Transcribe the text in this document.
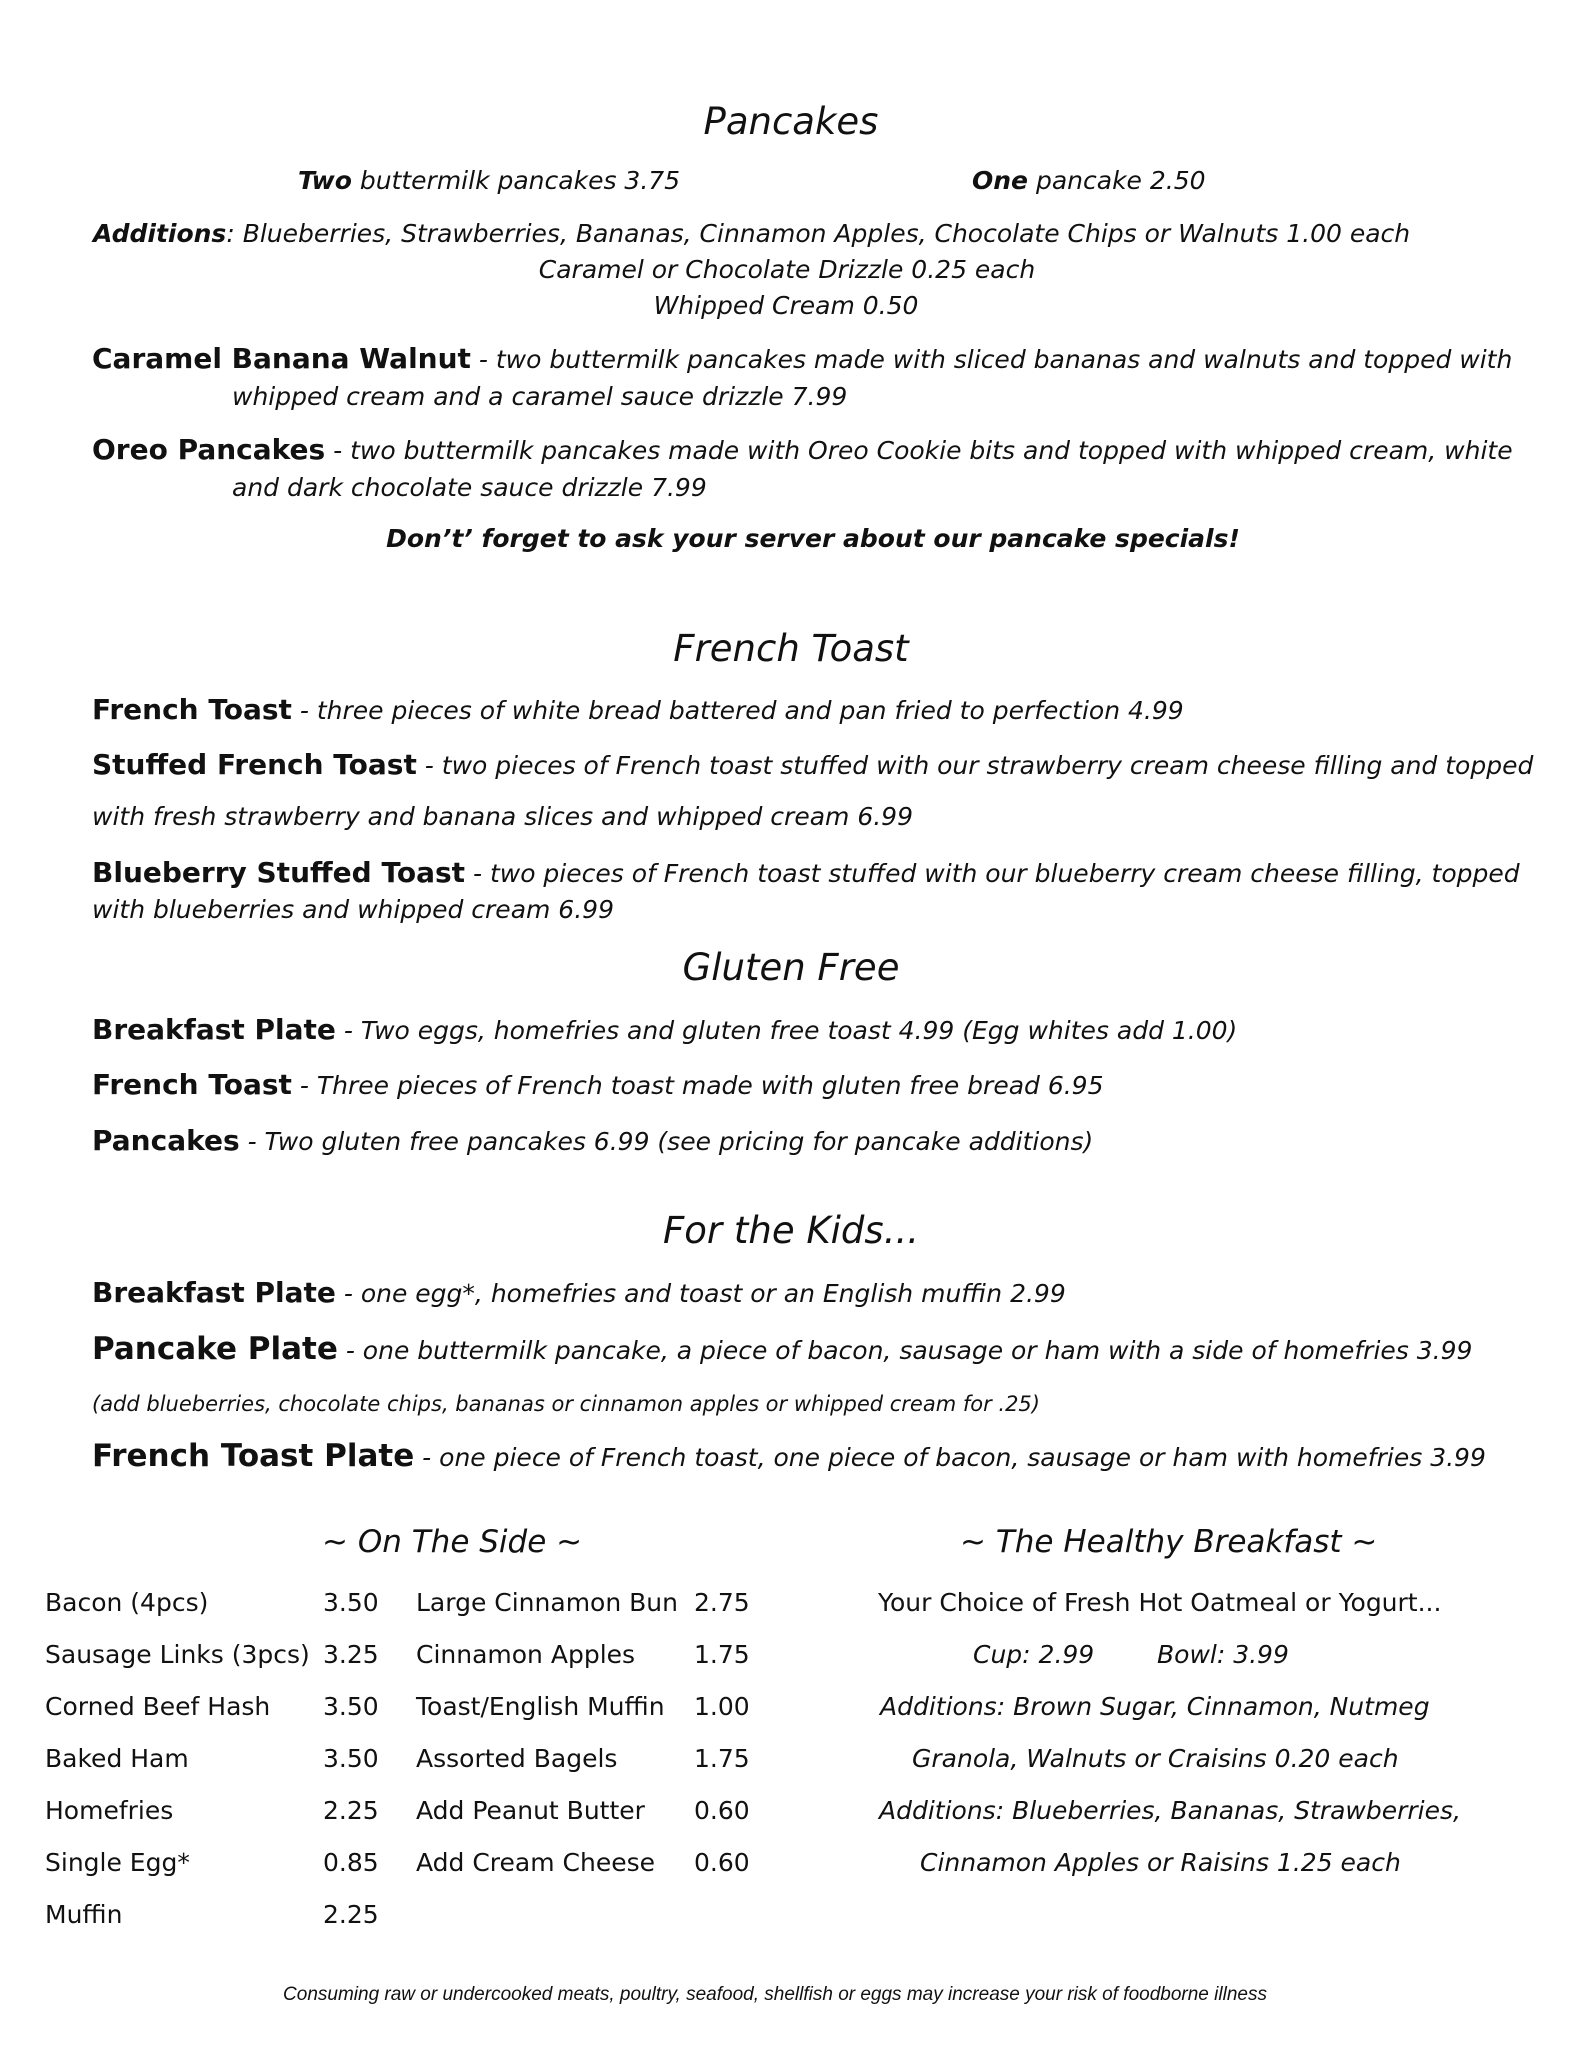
Pancakes
Two buttermilk pancakes 3.75	One pancake 2.50
Additions: Blueberries, Strawberries, Bananas, Cinnamon Apples, Chocolate Chips or Walnuts 1.00 each
Caramel or Chocolate Drizzle 0.25 each
Whipped Cream 0.50
Caramel Banana Walnut - two buttermilk pancakes made with sliced bananas and walnuts and topped with
whipped cream and a caramel sauce drizzle 7.99
Oreo Pancakes - two buttermilk pancakes made with Oreo Cookie bits and topped with whipped cream, white
and dark chocolate sauce drizzle 7.99
Don’t’ forget to ask your server about our pancake specials!
French Toast
French Toast - three pieces of white bread battered and pan fried to perfection 4.99
Stuffed French Toast - two pieces of French toast stuffed with our strawberry cream cheese filling and topped
with fresh strawberry and banana slices and whipped cream 6.99
Blueberry Stuffed Toast - two pieces of French toast stuffed with our blueberry cream cheese filling, topped
with blueberries and whipped cream 6.99
Gluten Free
Breakfast Plate - Two eggs, homefries and gluten free toast 4.99 (Egg whites add 1.00)
French Toast - Three pieces of French toast made with gluten free bread 6.95
Pancakes - Two gluten free pancakes 6.99 (see pricing for pancake additions)
For the Kids...
Breakfast Plate - one egg*, homefries and toast or an English muffin 2.99
Pancake Plate - one buttermilk pancake, a piece of bacon, sausage or ham with a side of homefries 3.99
(add blueberries, chocolate chips, bananas or cinnamon apples or whipped cream for .25)
French Toast Plate - one piece of French toast, one piece of bacon, sausage or ham with homefries 3.99
~ On The Side ~
Bacon (4pcs)	3.50
Sausage Links (3pcs) 3.25
Corned Beef Hash 3.50
Baked Ham	3.50
Homefries	2.25
Single Egg*	0.85
Muffin	2.25
Large Cinnamon Bun 2.75
Cinnamon Apples 1.75
Toast/English Muffin 1.00
Assorted Bagels	1.75
Add Peanut Butter 0.60
Add Cream Cheese 0.60
~ The Healthy Breakfast ~
Your Choice of Fresh Hot Oatmeal or Yogurt...
Cup: 2.99	Bowl: 3.99
Additions: Brown Sugar, Cinnamon, Nutmeg
Granola, Walnuts or Craisins 0.20 each
Additions: Blueberries, Bananas, Strawberries,
Cinnamon Apples or Raisins 1.25 each
Consuming raw or undercooked meats, poultry, seafood, shellfish or eggs may increase your risk of foodborne illness
